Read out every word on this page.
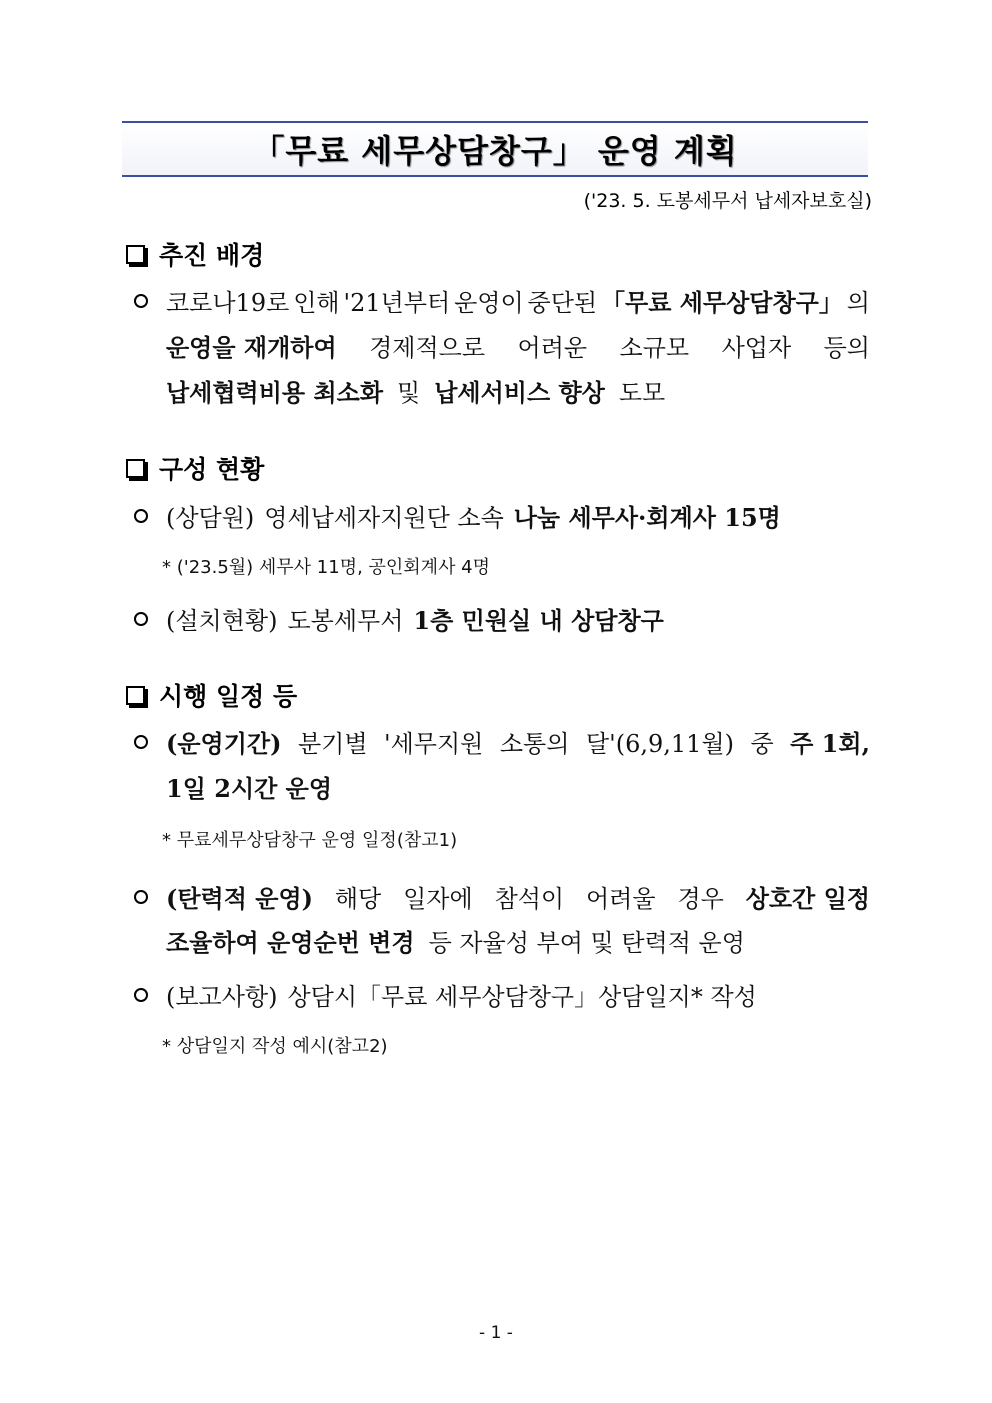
「무료 세무상담창구」 운영 계획
('23. 5. 도봉세무서 납세자보호실)
추진 배경
코로나19로 인해 '21년부터 운영이 중단된 「무료 세무상담창구」 의
운영을 재개하여 경제적으로 어려운 소규모 사업자 등의
납세협력비용 최소화 및 납세서비스 향상 도모
구성 현황
(상담원) 영세납세자지원단 소속 나눔 세무사·회계사 15명
* ('23.5월) 세무사 11명, 공인회계사 4명
(설치현황) 도봉세무서 1층 민원실 내 상담창구
시행 일정 등
(운영기간) 분기별 '세무지원 소통의 달'(6,9,11월) 중 주 1회,
1일 2시간 운영
* 무료세무상담창구 운영 일정(참고1)
(탄력적 운영) 해당 일자에 참석이 어려울 경우 상호간 일정
조율하여 운영순번 변경 등 자율성 부여 및 탄력적 운영
(보고사항) 상담시「무료 세무상담창구」상담일지* 작성
* 상담일지 작성 예시(참고2)
- 1 -
